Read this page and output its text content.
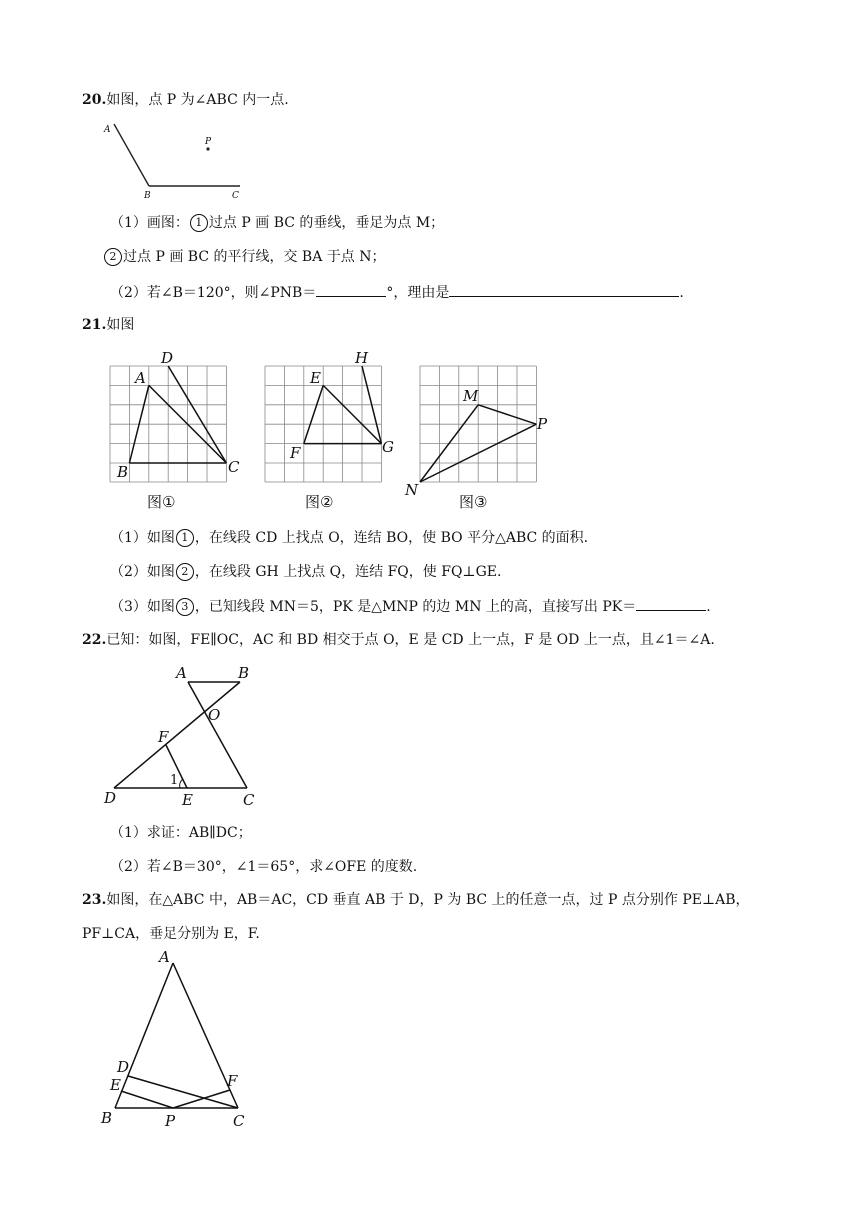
20.如图，点 P 为∠ABC 内一点.
A
B	C
P
（1）画图： 1 过点 P 画 BC 的垂线，垂足为点 M；
2 过点 P 画 BC 的平行线，交 BA 于点 N；
（2）若∠B＝120°，则∠PNB＝	°，理由是	.
21.如图
D
A
B	C
图①
H
E
F	G
图②
M
P
N
图③
（1）如图 1 ，在线段 CD 上找点 O，连结 BO，使 BO 平分△ABC 的面积.
（2）如图 2 ，在线段 GH 上找点 Q，连结 FQ，使 FQ⊥GE.
（3）如图 3 ，已知线段 MN＝5，PK 是△MNP 的边 MN 上的高，直接写出 PK＝	.
22.已知：如图，FE∥OC，AC 和 BD 相交于点 O，E 是 CD 上一点，F 是 OD 上一点，且∠1＝∠A.
A	B
O
F
1
D	E	C
（1）求证：AB∥DC；
（2）若∠B＝30°，∠1＝65°，求∠OFE 的度数.
23.如图，在△ABC 中，AB＝AC，CD 垂直 AB 于 D，P 为 BC 上的任意一点，过 P 点分别作 PE⊥AB，
PF⊥CA，垂足分别为 E，F.
A
D
E	F
B	P	C
